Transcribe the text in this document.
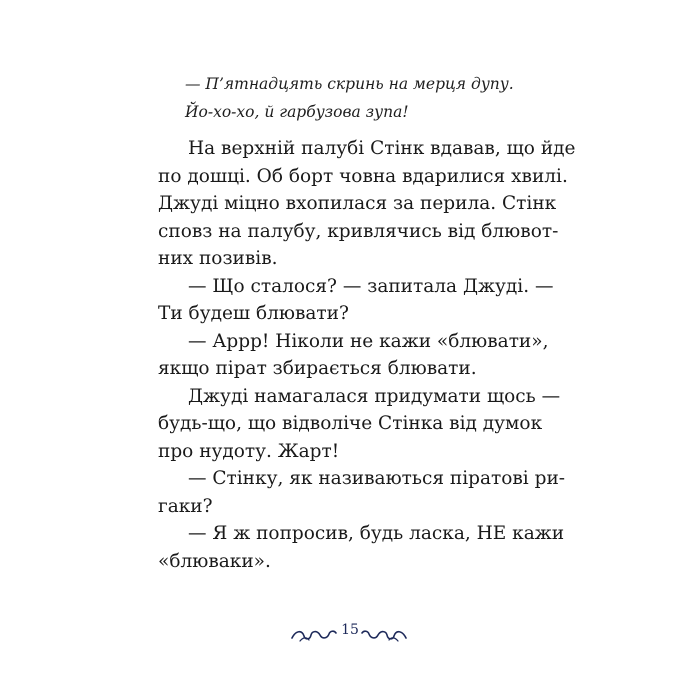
— П’ятнадцять скринь на мерця дупу.
Йо-хо-хо, й гарбузова зупа!
На верхній палубі Стінк вдавав, що йде
по дошці. Об борт човна вдарилися хвилі.
Джуді міцно вхопилася за перила. Стінк
сповз на палубу, кривлячись від блювот-
них позивів.
— Що сталося? — запитала Джуді. —
Ти будеш блювати?
— Аррр! Ніколи не кажи «блювати»,
якщо пірат збирається блювати.
Джуді намагалася придумати щось —
будь-що, що відволіче Стінка від думок
про нудоту. Жарт!
— Стінку, як називаються піратові ри-
гаки?
— Я ж попросив, будь ласка, НЕ кажи
«блюваки».
15
